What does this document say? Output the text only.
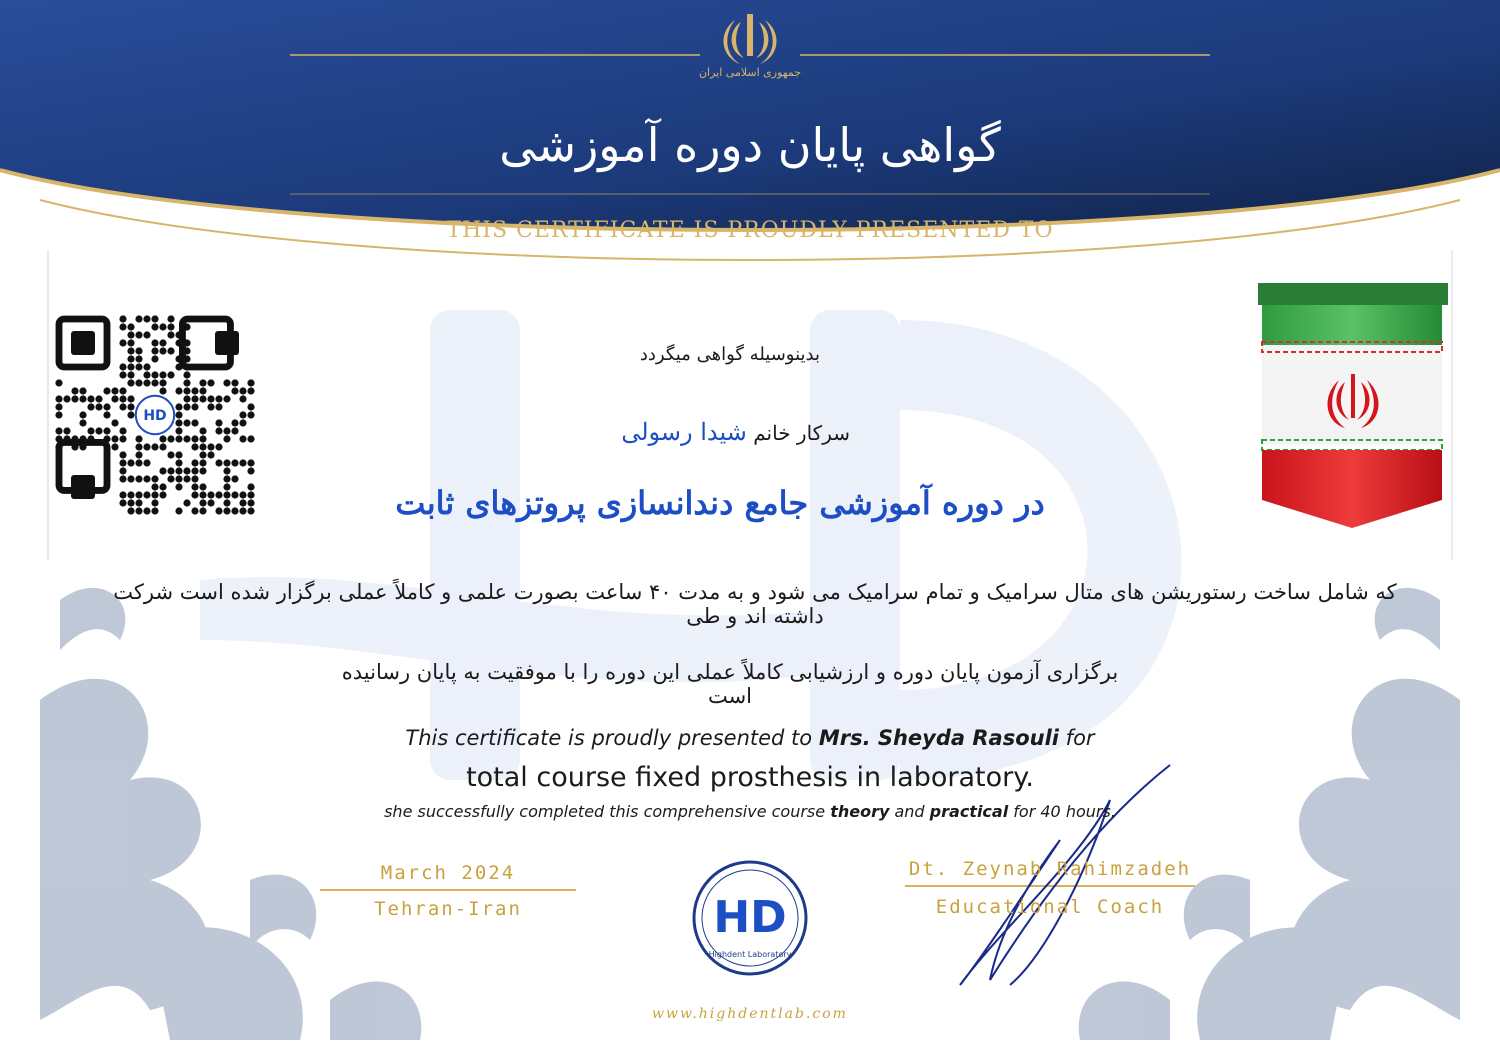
HD
HD
جمهوری اسلامی ایران
گواهی پایان دوره آموزشی
THIS CERTIFICATE IS PROUDLY PRESENTED TO
بدینوسیله گواهی میگردد
سرکار خانم شیدا رسولی
در دوره آموزشی جامع دندانسازی پروتزهای ثابت
که شامل ساخت رستوریشن های متال سرامیک و تمام سرامیک می شود و به مدت ۴۰ ساعت بصورت علمی و کاملاً عملی برگزار شده است شرکت داشته اند و طی
برگزاری آزمون پایان دوره و ارزشیابی کاملاً عملی این دوره را با موفقیت به پایان رسانیده است
This certificate is proudly presented to Mrs. Sheyda Rasouli for
total course fixed prosthesis in laboratory.
she successfully completed this comprehensive course theory and practical for 40 hours.
March 2024
Tehran-Iran
Dt. Zeynab Rahimzadeh
Educational Coach
Highdent Laboratory
www.highdentlab.com
